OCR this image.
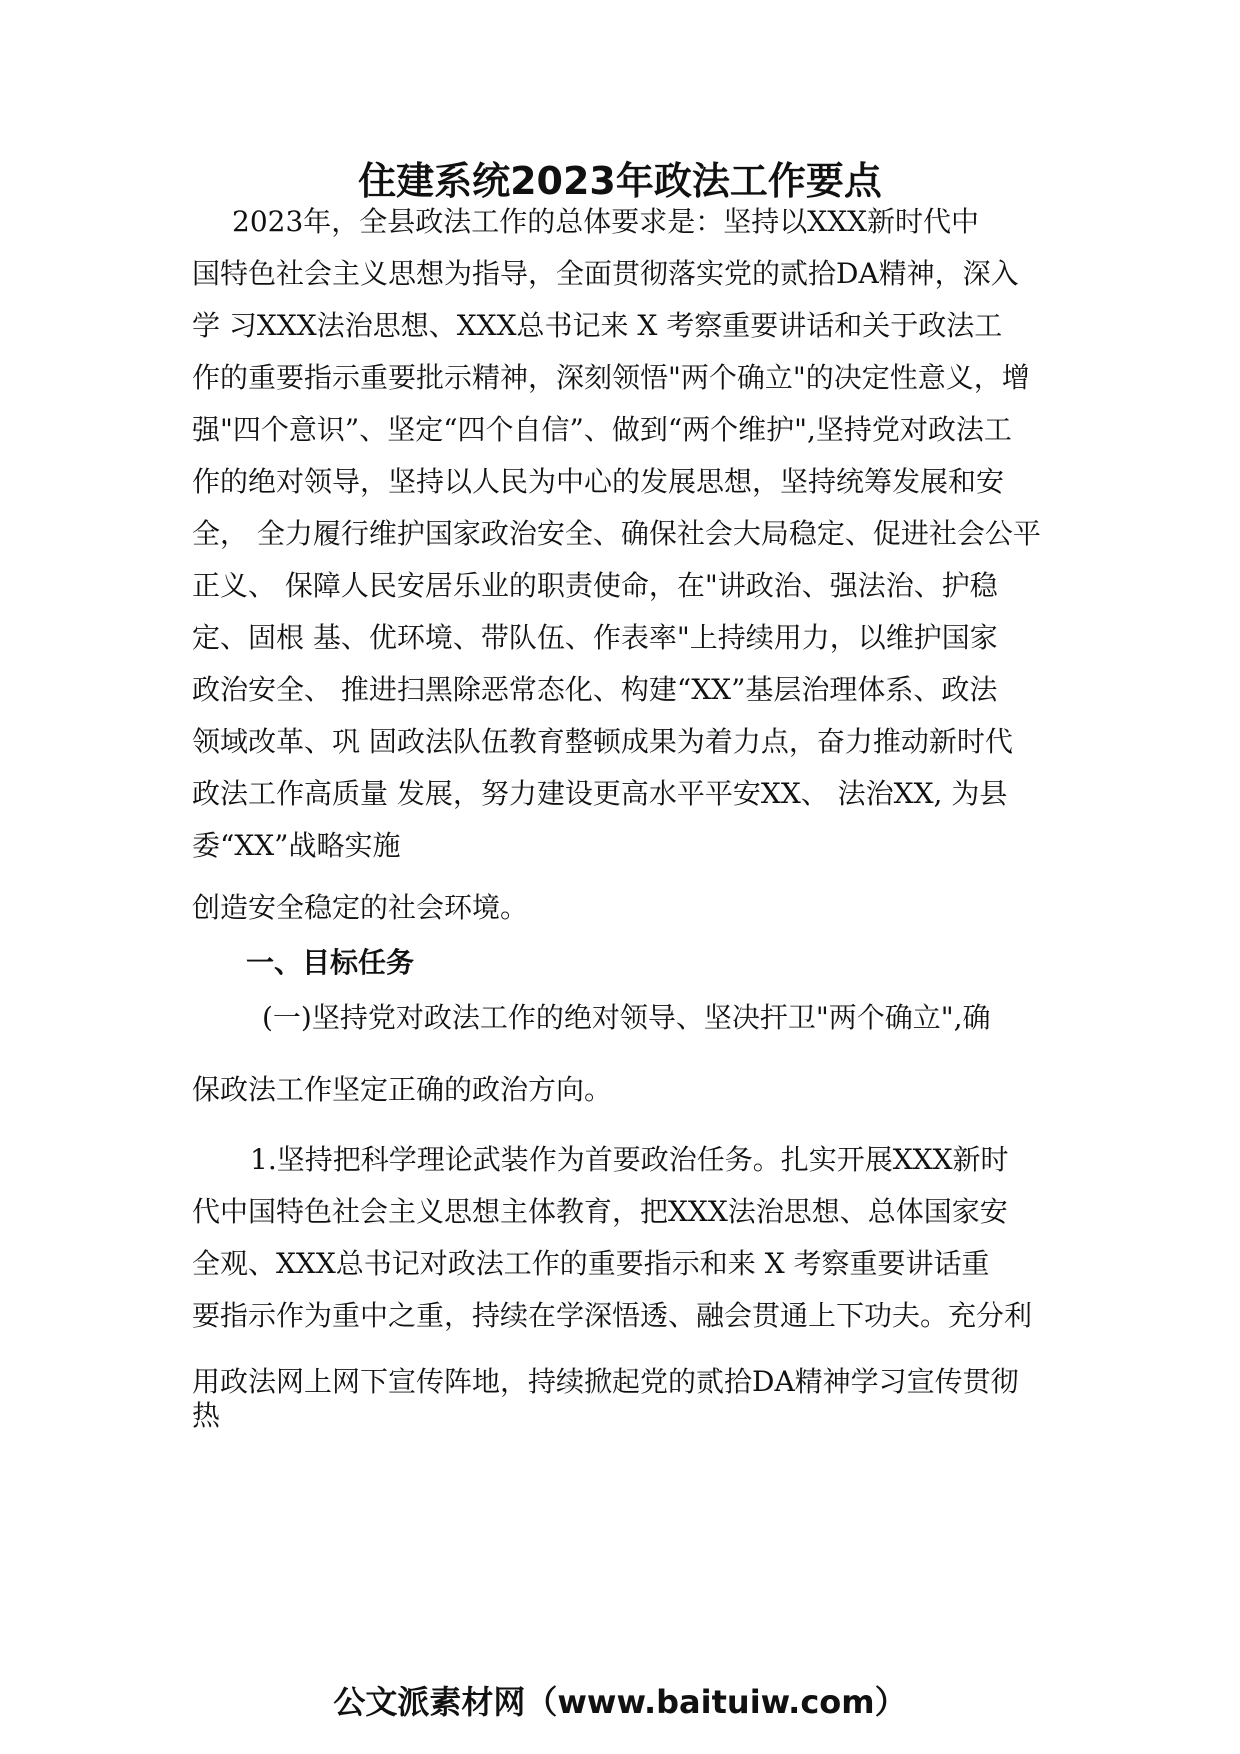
住建系统2023年政法工作要点
2023年，全县政法工作的总体要求是：坚持以XXX新时代中
国特色社会主义思想为指导，全面贯彻落实党的贰拾DA精神，深入
学 习XXX法治思想、XXX总书记来 X 考察重要讲话和关于政法工
作的重要指示重要批示精神，深刻领悟"两个确立"的决定性意义，增
强"四个意识”、坚定“四个自信”、做到“两个维护",坚持党对政法工
作的绝对领导，坚持以人民为中心的发展思想，坚持统筹发展和安
全， 全力履行维护国家政治安全、确保社会大局稳定、促进社会公平
正义、 保障人民安居乐业的职责使命，在"讲政治、强法治、护稳
定、固根 基、优环境、带队伍、作表率"上持续用力，以维护国家
政治安全、 推进扫黑除恶常态化、构建“XX”基层治理体系、政法
领域改革、巩 固政法队伍教育整顿成果为着力点，奋力推动新时代
政法工作高质量 发展，努力建设更高水平平安XX、 法治XX, 为县
委“XX”战略实施
创造安全稳定的社会环境。
一、目标任务
(一)坚持党对政法工作的绝对领导、坚决扞卫"两个确立",确
保政法工作坚定正确的政治方向。
1.坚持把科学理论武装作为首要政治任务。扎实开展XXX新时
代中国特色社会主义思想主体教育，把XXX法治思想、总体国家安
全观、XXX总书记对政法工作的重要指示和来 X 考察重要讲话重
要指示作为重中之重，持续在学深悟透、融会贯通上下功夫。充分利
用政法网上网下宣传阵地，持续掀起党的贰拾DA精神学习宣传贯彻
热
公文派素材网（www.baituiw.com）
